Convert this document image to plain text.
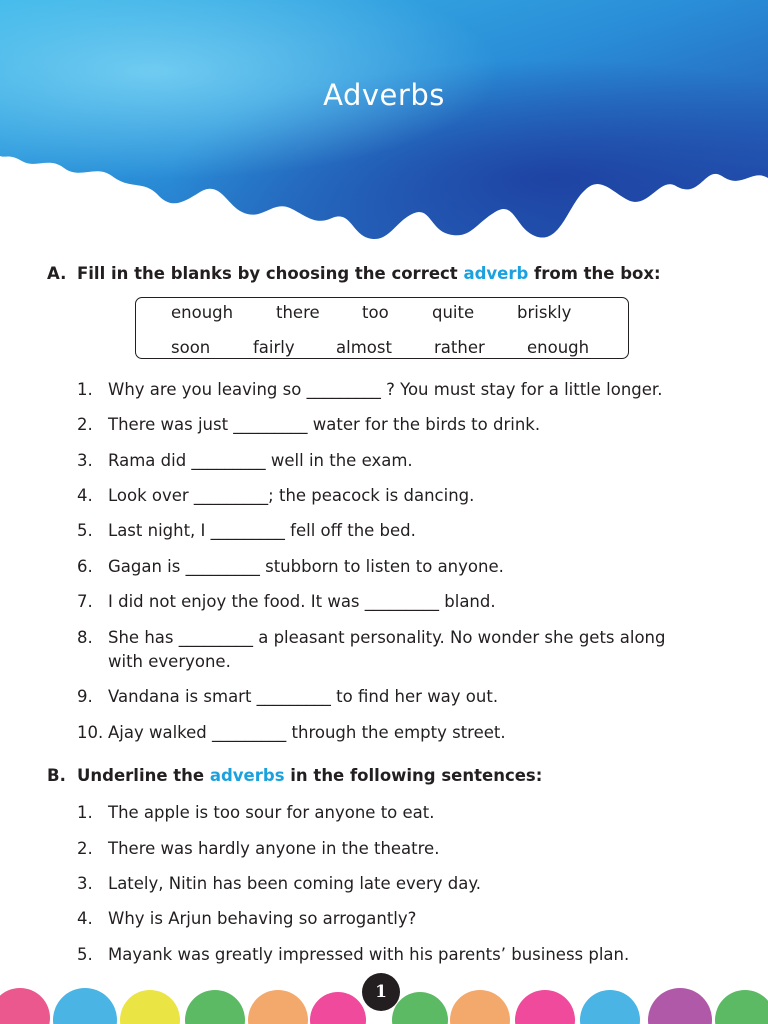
Adverbs
A. Fill in the blanks by choosing the correct adverb from the box:
enough	there	too	quite	briskly
soon	fairly	almost	rather	enough
1. Why are you leaving so _________ ? You must stay for a little longer.
2. There was just _________ water for the birds to drink.
3. Rama did _________ well in the exam.
4. Look over _________; the peacock is dancing.
5. Last night, I _________ fell off the bed.
6. Gagan is _________ stubborn to listen to anyone.
7. I did not enjoy the food. It was _________ bland.
8. She has _________ a pleasant personality. No wonder she gets along
with everyone.
9. Vandana is smart _________ to find her way out.
10. Ajay walked _________ through the empty street.
B. Underline the adverbs in the following sentences:
1. The apple is too sour for anyone to eat.
2. There was hardly anyone in the theatre.
3. Lately, Nitin has been coming late every day.
4. Why is Arjun behaving so arrogantly?
5. Mayank was greatly impressed with his parents’ business plan.
1
